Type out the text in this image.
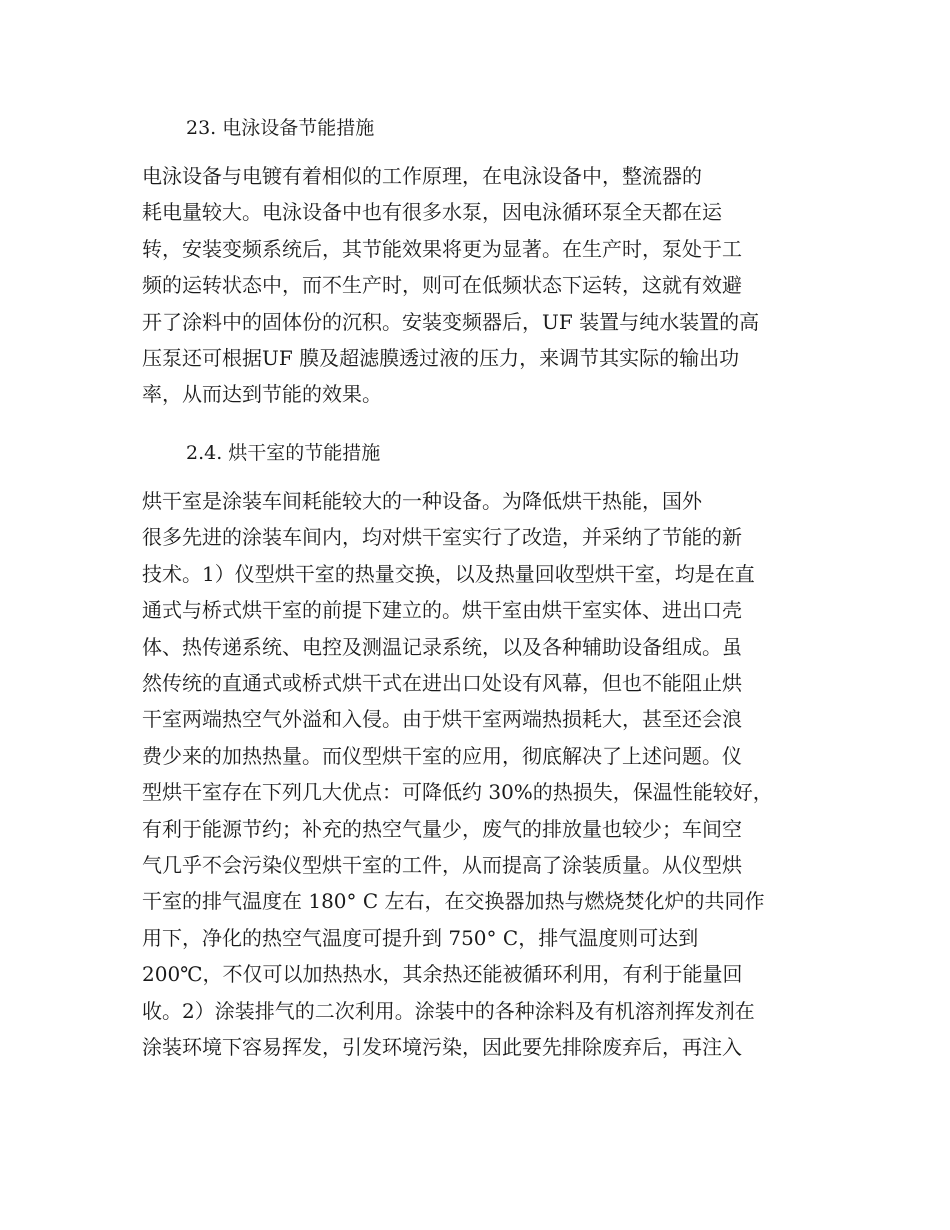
23. 电泳设备节能措施
电泳设备与电镀有着相似的工作原理，在电泳设备中，整流器的
耗电量较大。电泳设备中也有很多水泵，因电泳循环泵全天都在运
转，安装变频系统后，其节能效果将更为显著。在生产时，泵处于工
频的运转状态中，而不生产时，则可在低频状态下运转，这就有效避
开了涂料中的固体份的沉积。安装变频器后，UF 装置与纯水装置的高
压泵还可根据UF 膜及超滤膜透过液的压力，来调节其实际的输出功
率，从而达到节能的效果。
2.4. 烘干室的节能措施
烘干室是涂装车间耗能较大的一种设备。为降低烘干热能，国外
很多先进的涂装车间内，均对烘干室实行了改造，并采纳了节能的新
技术。1）仪型烘干室的热量交换，以及热量回收型烘干室，均是在直
通式与桥式烘干室的前提下建立的。烘干室由烘干室实体、进出口壳
体、热传递系统、电控及测温记录系统，以及各种辅助设备组成。虽
然传统的直通式或桥式烘干式在进出口处设有风幕，但也不能阻止烘
干室两端热空气外溢和入侵。由于烘干室两端热损耗大，甚至还会浪
费少来的加热热量。而仪型烘干室的应用，彻底解决了上述问题。仪
型烘干室存在下列几大优点：可降低约 30%的热损失，保温性能较好，
有利于能源节约；补充的热空气量少，废气的排放量也较少；车间空
气几乎不会污染仪型烘干室的工件，从而提高了涂装质量。从仪型烘
干室的排气温度在 180° C 左右，在交换器加热与燃烧焚化炉的共同作
用下，净化的热空气温度可提升到 750° C，排气温度则可达到
200℃，不仅可以加热热水，其余热还能被循环利用，有利于能量回
收。2）涂装排气的二次利用。涂装中的各种涂料及有机溶剂挥发剂在
涂装环境下容易挥发，引发环境污染，因此要先排除废弃后，再注入
